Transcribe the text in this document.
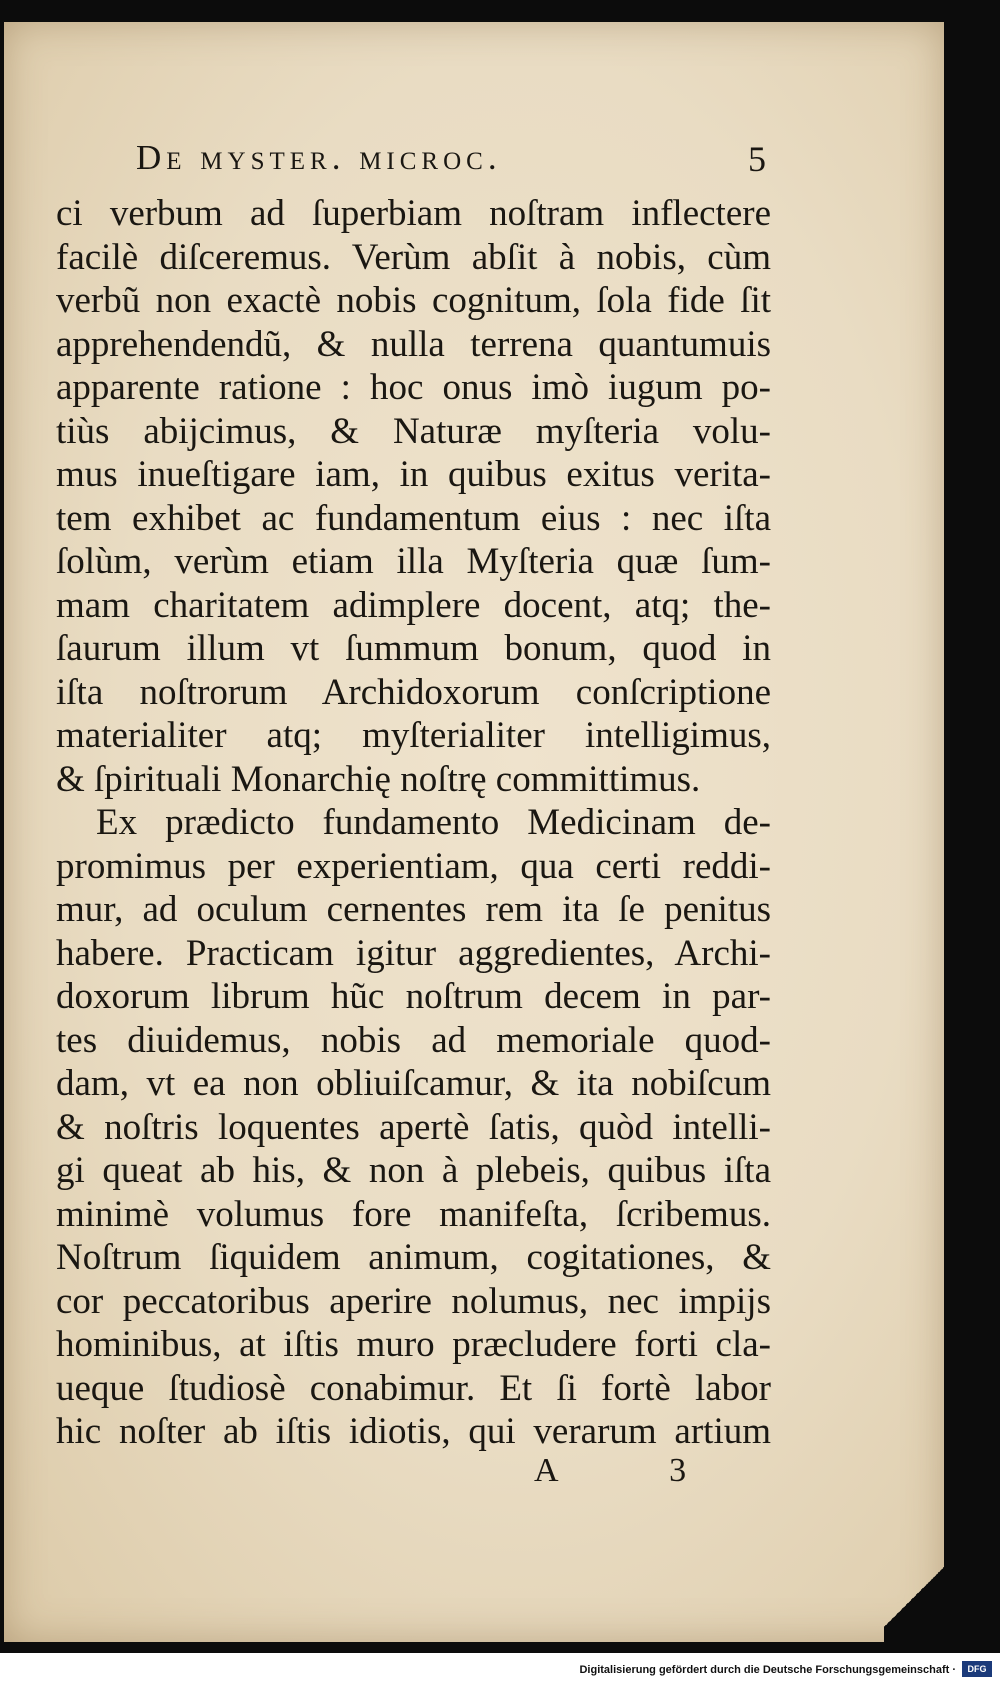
De myster. microc.	5
ci verbum ad ſuperbiam noſtram inflectere
facilè diſceremus. Verùm abſit à nobis, cùm
verbũ non exactè nobis cognitum, ſola fide ſit
apprehendendũ, & nulla terrena quantumuis
apparente ratione : hoc onus imò iugum po-
tiùs abijcimus, & Naturæ myſteria volu-
mus inueſtigare iam, in quibus exitus verita-
tem exhibet ac fundamentum eius : nec iſta
ſolùm, verùm etiam illa Myſteria quæ ſum-
mam charitatem adimplere docent, atq; the-
ſaurum illum vt ſummum bonum, quod in
iſta noſtrorum Archidoxorum conſcriptione
materialiter atq; myſterialiter intelligimus,
& ſpirituali Monarchię noſtrę committimus.
Ex prædicto fundamento Medicinam de-
promimus per experientiam, qua certi reddi-
mur, ad oculum cernentes rem ita ſe penitus
habere. Practicam igitur aggredientes, Archi-
doxorum librum hũc noſtrum decem in par-
tes diuidemus, nobis ad memoriale quod-
dam, vt ea non obliuiſcamur, & ita nobiſcum
& noſtris loquentes apertè ſatis, quòd intelli-
gi queat ab his, & non à plebeis, quibus iſta
minimè volumus fore manifeſta, ſcribemus.
Noſtrum ſiquidem animum, cogitationes, &
cor peccatoribus aperire nolumus, nec impijs
hominibus, at iſtis muro præcludere forti cla-
ueque ſtudiosè conabimur. Et ſi fortè labor
hic noſter ab iſtis idiotis, qui verarum artium
A 3
Digitalisierung gefördert durch die Deutsche Forschungsgemeinschaft ·	DFG
